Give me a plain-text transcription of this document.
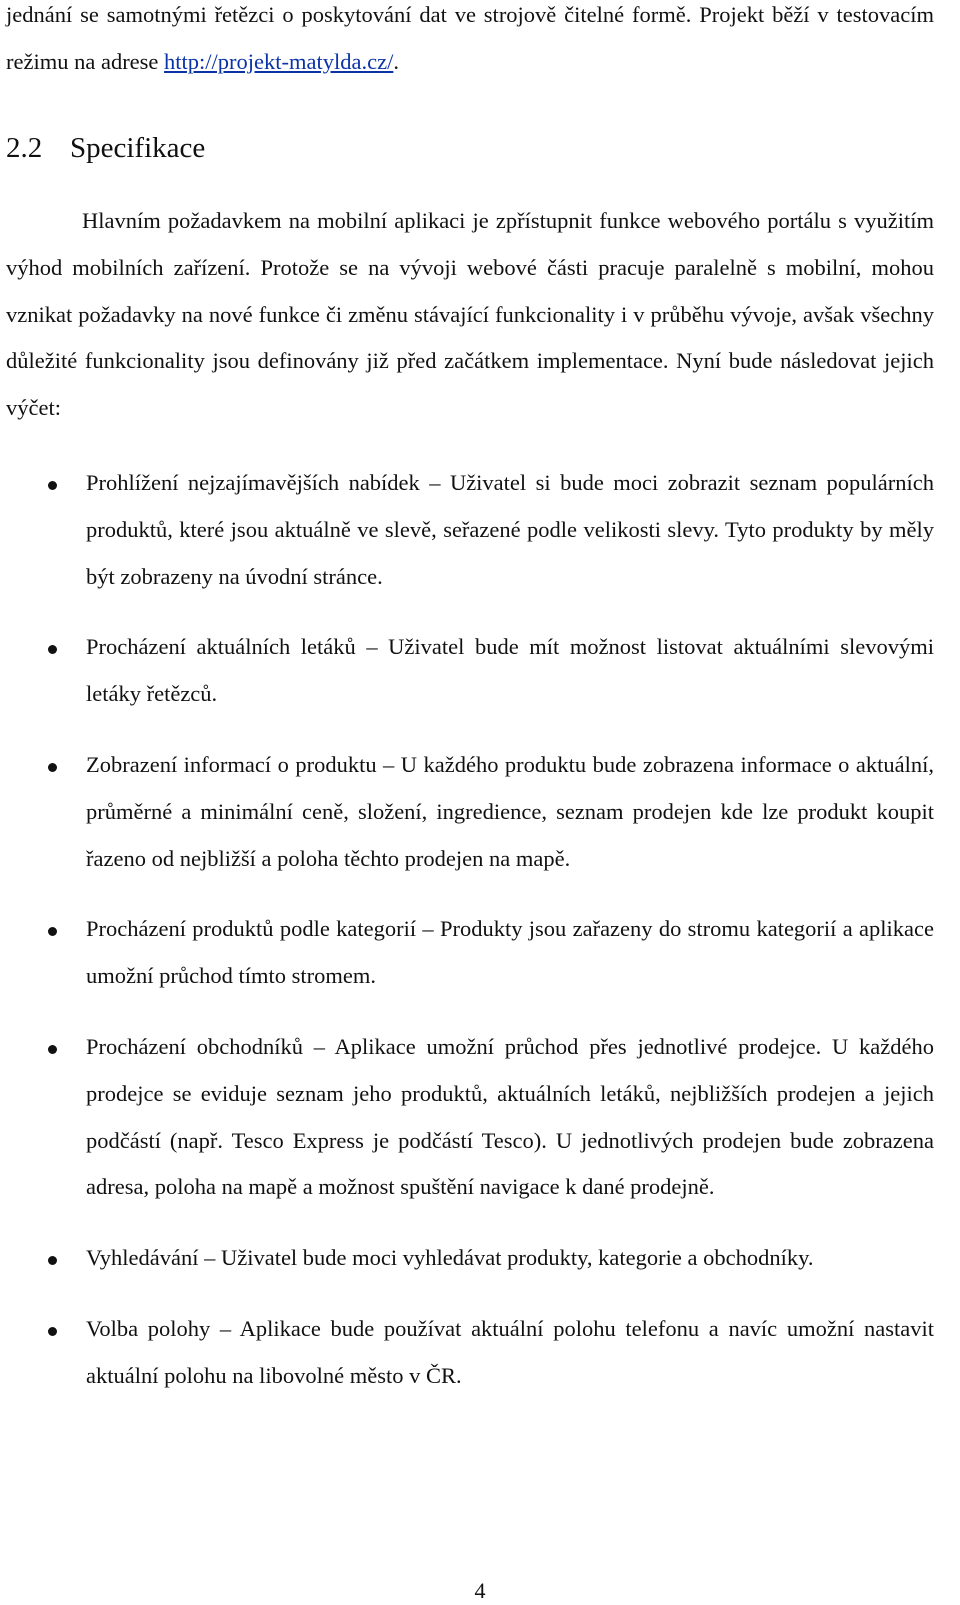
jednání se samotnými řetězci o poskytování dat ve strojově čitelné formě. Projekt běží v testovacím režimu na adrese http://projekt-matylda.cz/.

2.2 Specifikace

Hlavním požadavkem na mobilní aplikaci je zpřístupnit funkce webového portálu s využitím výhod mobilních zařízení. Protože se na vývoji webové části pracuje paralelně s mobilní, mohou vznikat požadavky na nové funkce či změnu stávající funkcionality i v průběhu vývoje, avšak všechny důležité funkcionality jsou definovány již před začátkem implementace. Nyní bude následovat jejich výčet:

Prohlížení nejzajímavějších nabídek – Uživatel si bude moci zobrazit seznam populárních produktů, které jsou aktuálně ve slevě, seřazené podle velikosti slevy. Tyto produkty by měly být zobrazeny na úvodní stránce.
Procházení aktuálních letáků – Uživatel bude mít možnost listovat aktuálními slevovými letáky řetězců.
Zobrazení informací o produktu – U každého produktu bude zobrazena informace o aktuální, průměrné a minimální ceně, složení, ingredience, seznam prodejen kde lze produkt koupit řazeno od nejbližší a poloha těchto prodejen na mapě.
Procházení produktů podle kategorií – Produkty jsou zařazeny do stromu kategorií a aplikace umožní průchod tímto stromem.
Procházení obchodníků – Aplikace umožní průchod přes jednotlivé prodejce. U každého prodejce se eviduje seznam jeho produktů, aktuálních letáků, nejbližších prodejen a jejich podčástí (např. Tesco Express je podčástí Tesco). U jednotlivých prodejen bude zobrazena adresa, poloha na mapě a možnost spuštění navigace k dané prodejně.
Vyhledávání – Uživatel bude moci vyhledávat produkty, kategorie a obchodníky.
Volba polohy – Aplikace bude používat aktuální polohu telefonu a navíc umožní nastavit aktuální polohu na libovolné město v ČR.
4
